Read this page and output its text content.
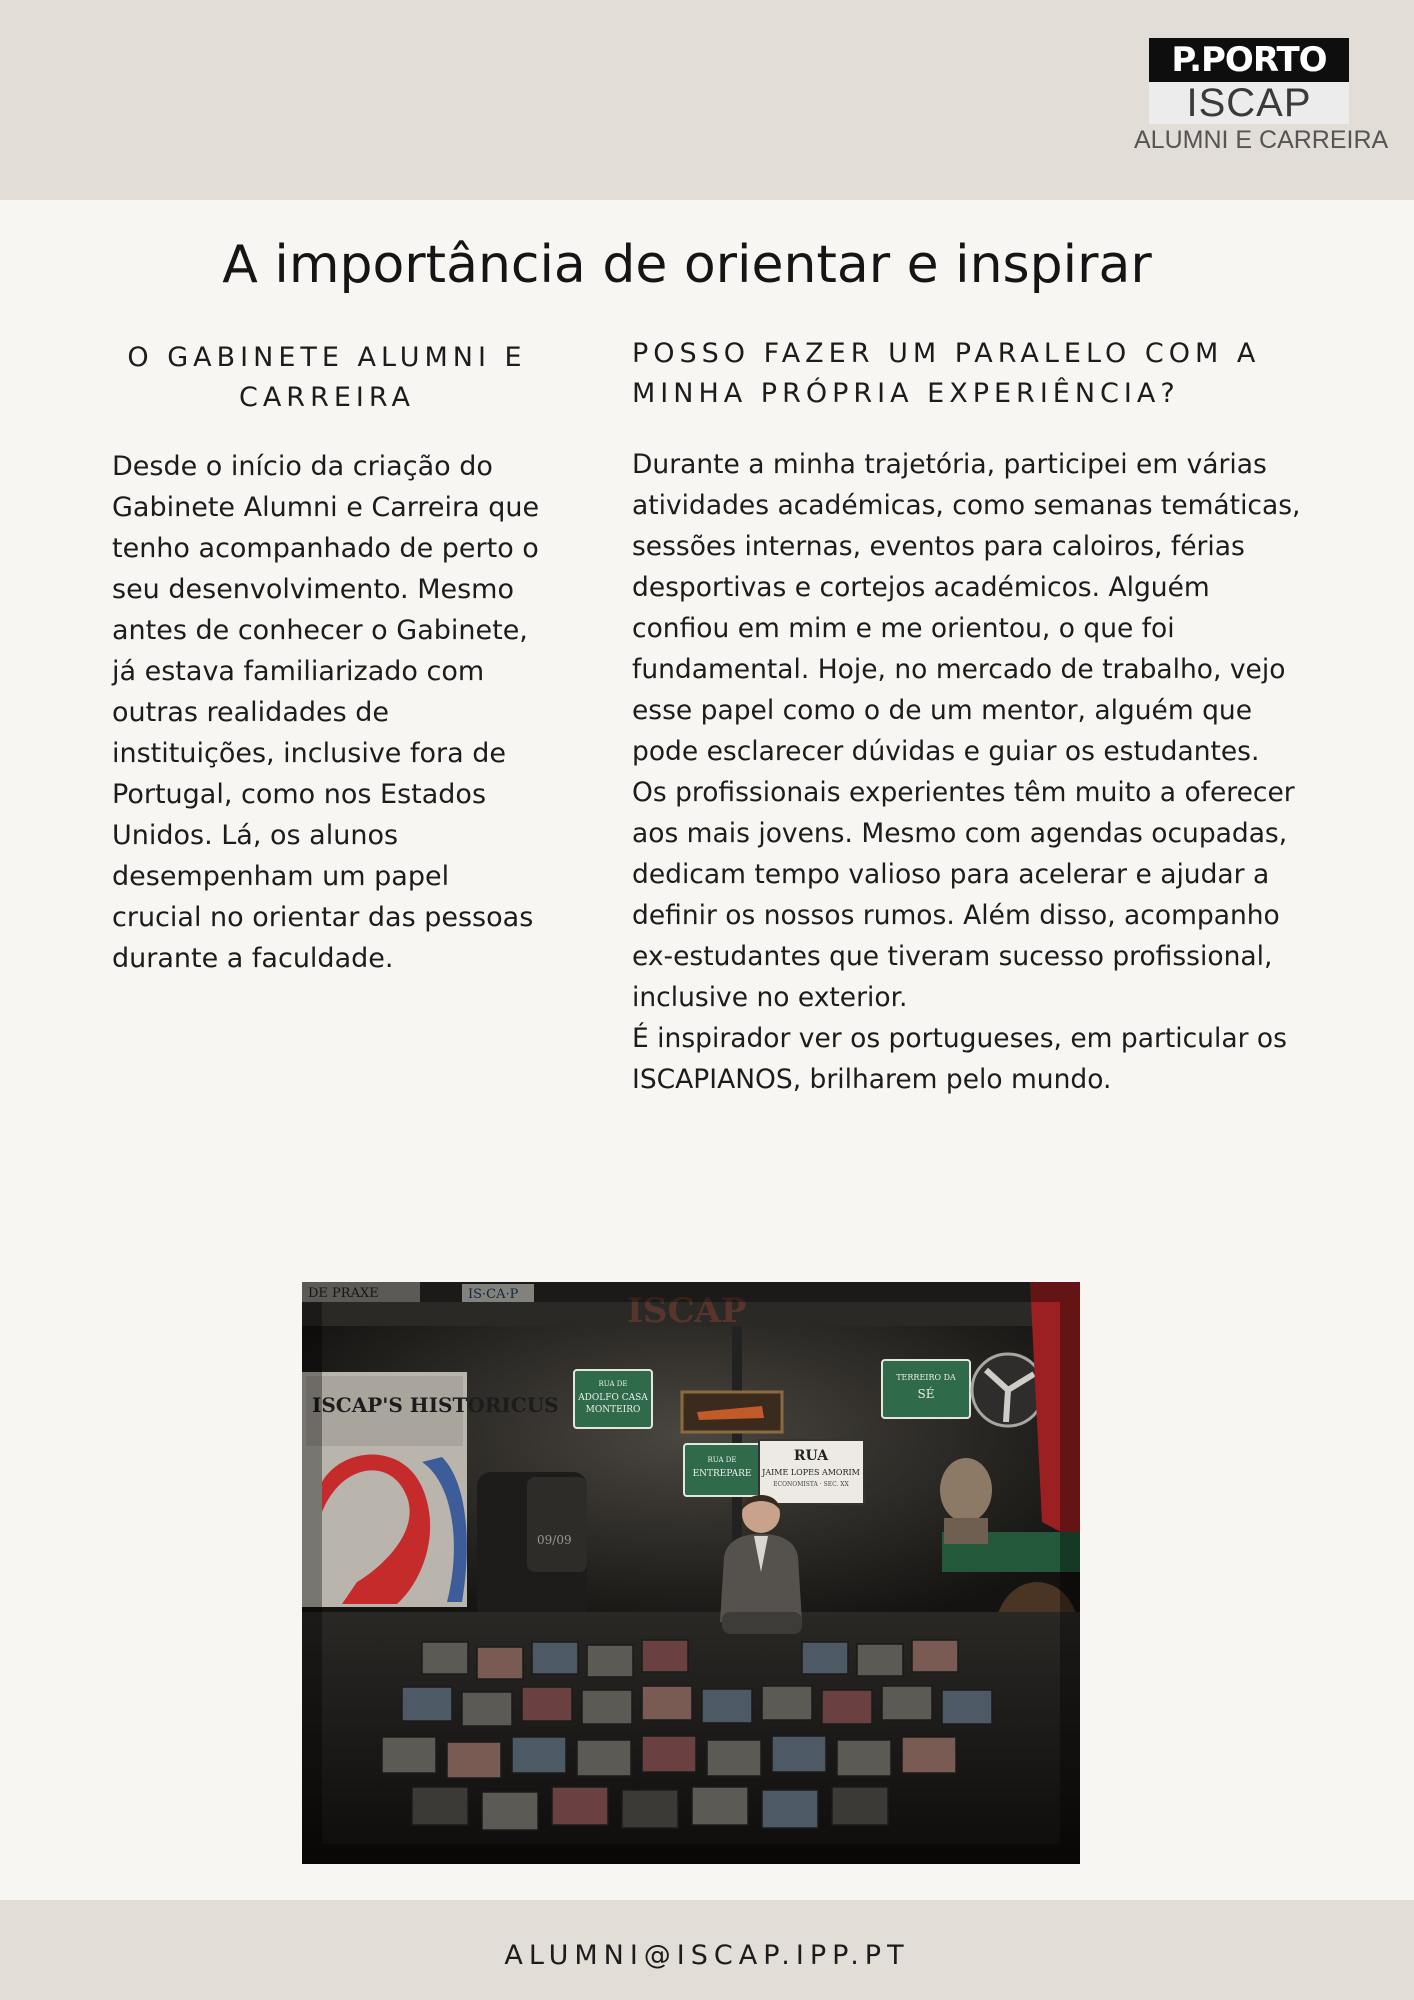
P.PORTO
ISCAP
ALUMNI E CARREIRA
A importância de orientar e inspirar
O GABINETE ALUMNI E CARREIRA

Desde o início da criação do Gabinete Alumni e Carreira que tenho acompanhado de perto o seu desenvolvimento. Mesmo antes de conhecer o Gabinete, já estava familiarizado com outras realidades de instituições, inclusive fora de Portugal, como nos Estados Unidos. Lá, os alunos desempenham um papel crucial no orientar das pessoas durante a faculdade.

POSSO FAZER UM PARALELO COM A MINHA PRÓPRIA EXPERIÊNCIA?

Durante a minha trajetória, participei em várias atividades académicas, como semanas temáticas, sessões internas, eventos para caloiros, férias desportivas e cortejos académicos. Alguém confiou em mim e me orientou, o que foi fundamental. Hoje, no mercado de trabalho, vejo esse papel como o de um mentor, alguém que pode esclarecer dúvidas e guiar os estudantes.

Os profissionais experientes têm muito a oferecer aos mais jovens. Mesmo com agendas ocupadas, dedicam tempo valioso para acelerar e ajudar a definir os nossos rumos. Além disso, acompanho ex-estudantes que tiveram sucesso profissional, inclusive no exterior.

É inspirador ver os portugueses, em particular os ISCAPIANOS, brilharem pelo mundo.

DE PRAXE	IS·CA·P	ISCAP
ISCAP'S HISTORICUS
09/09
RUA DE
ADOLFO CASA
MONTEIRO
TERREIRO DA
SÉ
RUA DE
ENTREPARE
RUA
JAIME LOPES AMORIM
ECONOMISTA · SEC. XX
ALUMNI@ISCAP.IPP.PT
